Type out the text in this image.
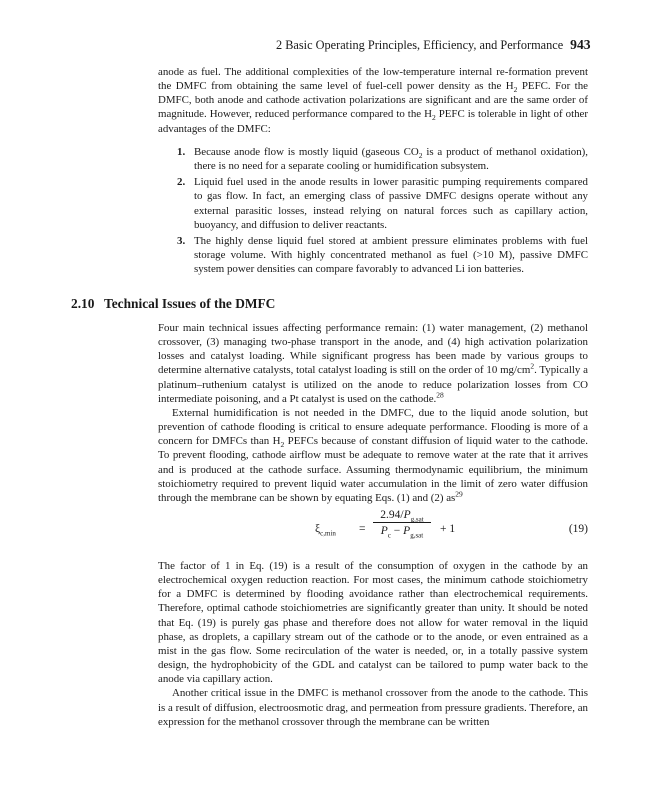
2 Basic Operating Principles, Efficiency, and Performance 943

anode as fuel. The additional complexities of the low-temperature internal re-formation prevent the DMFC from obtaining the same level of fuel-cell power density as the $H_2$ PEFC. For the DMFC, both anode and cathode activation polarizations are significant and are the same order of magnitude. However, reduced performance compared to the $H_2$ PEFC is tolerable in light of other advantages of the DMFC:

1. Because anode flow is mostly liquid (gaseous $CO_2$ is a product of methanol oxidation), there is no need for a separate cooling or humidification subsystem.
2. Liquid fuel used in the anode results in lower parasitic pumping requirements compared to gas flow. In fact, an emerging class of passive DMFC designs operate without any external parasitic losses, instead relying on natural forces such as capillary action, buoyancy, and diffusion to deliver reactants.
3. The highly dense liquid fuel stored at ambient pressure eliminates problems with fuel storage volume. With highly concentrated methanol as fuel (>10 M), passive DMFC system power densities can compare favorably to advanced Li ion batteries.
2.10 Technical Issues of the DMFC

Four main technical issues affecting performance remain: (1) water management, (2) methanol crossover, (3) managing two-phase transport in the anode, and (4) high activation polarization losses and catalyst loading. While significant progress has been made by various groups to determine alternative catalysts, total catalyst loading is still on the order of 10 $mg/cm^2$. Typically a platinum–ruthenium catalyst is utilized on the anode to reduce polarization losses from CO intermediate poisoning, and a Pt catalyst is used on the cathode.$^{28}$

External humidification is not needed in the DMFC, due to the liquid anode solution, but prevention of cathode flooding is critical to ensure adequate performance. Flooding is more of a concern for DMFCs than $H_2$ PEFCs because of constant diffusion of liquid water to the cathode. To prevent flooding, cathode airflow must be adequate to remove water at the rate that it arrives and is produced at the cathode surface. Assuming thermodynamic equilibrium, the minimum stoichiometry required to prevent liquid water accumulation in the limit of zero water diffusion through the membrane can be shown by equating Eqs. (1) and (2) $as^{29}$

$\xi_{c,min}$ =
$2.94/P_{g,sat}$
$P_c - P_{g,sat}$
+ 1	(19)

The factor of 1 in Eq. (19) is a result of the consumption of oxygen in the cathode by an electrochemical oxygen reduction reaction. For most cases, the minimum cathode stoichiometry for a DMFC is determined by flooding avoidance rather than electrochemical requirements. Therefore, optimal cathode stoichiometries are significantly greater than unity. It should be noted that Eq. (19) is purely gas phase and therefore does not allow for water removal in the liquid phase, as droplets, a capillary stream out of the cathode or to the anode, or even entrained as a mist in the gas flow. Some recirculation of the water is needed, or, in a totally passive system design, the hydrophobicity of the GDL and catalyst can be tailored to pump water back to the anode via capillary action.

Another critical issue in the DMFC is methanol crossover from the anode to the cathode. This is a result of diffusion, electroosmotic drag, and permeation from pressure gradients. Therefore, an expression for the methanol crossover through the membrane can be written
